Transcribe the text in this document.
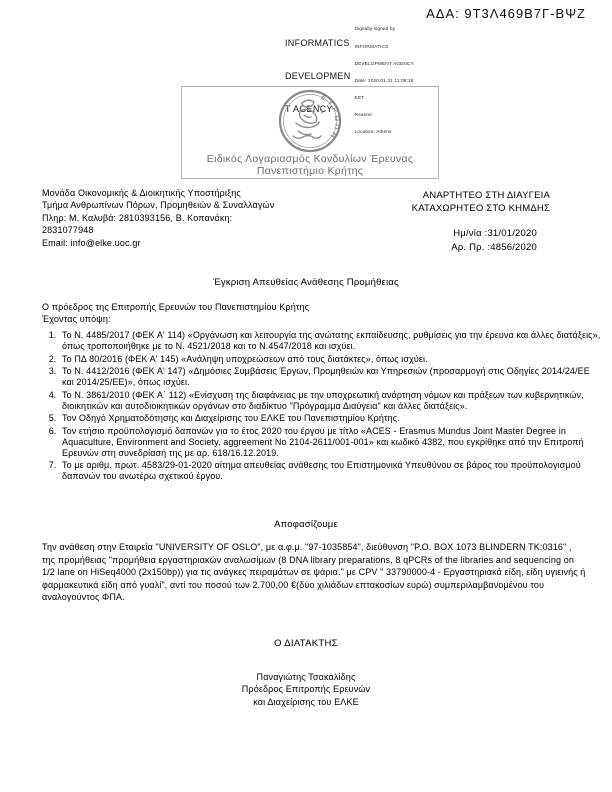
ΑΔΑ: 9Τ3Λ469Β7Γ-ΒΨΖ

INFORMATICS

DEVELOPMEN

T AGENCY

Digitally signed by

INFORMATICS

DEVELOPMENT AGENCY

Date: 2020.01.31 11:08:18

EET

Reason:

Location: Athens

ΕΥΡΩΠΗ
Ειδικός Λογαριασμός Κονδυλίων Έρευνας
Πανεπιστήμιο Κρήτης
Μονάδα Οικονομικής & Διοικητικής Υποστήριξης
Τμήμα Ανθρωπίνων Πόρων, Προμηθειών & Συναλλαγών
Πληρ: Μ. Καλυβά: 2810393156, Β. Κοπανάκη:
2831077948
Email: info@elke.uoc.gr
ΑΝΑΡΤΗΤΕΟ ΣΤΗ ΔΙΑΥΓΕΙΑ
ΚΑΤΑΧΩΡΗΤΕΟ ΣΤΟ ΚΗΜΔΗΣ
Ημ/νία :31/01/2020
Αρ. Πρ. :4856/2020
Έγκριση Απευθείας Ανάθεσης Προμήθειας
Ο πρόεδρος της Επιτροπής Ερευνών του Πανεπιστημίου Κρήτης
Έχοντας υπόψη:
1. Το Ν. 4485/2017 (ΦΕΚ Α' 114) «Οργάνωση και λειτουργία της ανώτατης εκπαίδευσης, ρυθμίσεις για την έρευνα και άλλες διατάξεις», όπως τροποποιήθηκε με το Ν. 4521/2018 και το Ν.4547/2018 και ισχύει.
2. Το ΠΔ 80/2016 (ΦΕΚ Α' 145) «Ανάληψη υποχρεώσεων από τους διατάκτες», όπως ισχύει.
3. Το Ν. 4412/2016 (ΦΕΚ Α' 147) «Δημόσιες Συμβάσεις Έργων, Προμηθειών και Υπηρεσιών (προσαρμογή στις Οδηγίες 2014/24/ΕΕ και 2014/25/ΕΕ)», όπως ισχύει.
4. Το Ν. 3861/2010 (ΦΕΚ Α΄ 112) «Ενίσχυση της διαφάνειας με την υποχρεωτική ανάρτηση νόμων και πράξεων των κυβερνητικών, διοικητικών και αυτοδιοικητικών οργάνων στο διαδίκτυο "Πρόγραμμα Διαύγεια" και άλλες διατάξεις».
5. Τον Οδηγό Χρηματοδότησης και Διαχείρισης του ΕΛΚΕ του Πανεπιστημίου Κρήτης.
6. Τον ετήσιο προϋπολογισμό δαπανών για το έτος 2020 του έργου με τίτλο «ACES - Erasmus Mundus Joint Master Degree in Aquaculture, Environment and Society, aggreement No 2104-2611/001-001» και κωδικό 4382, που εγκρίθηκε από την Επιτροπή Ερευνών στη συνεδρίασή της με αρ. 618/16.12.2019.
7. Το με αριθμ. πρωτ. 4583/29-01-2020 αίτημα απευθείας ανάθεσης του Επιστημονικά Υπευθύνου σε βάρος του προϋπολογισμού δαπανών του ανωτέρω σχετικού έργου.
Αποφασίζουμε
Την ανάθεση στην Εταιρεία "UNIVERSITY OF OSLO", με α.φ.μ. "97-1035854", διεύθυνση "P.O. BOX 1073 BLINDERN TK:0316" , της προμήθειας "προμήθεια εργαστηριακών αναλωσίμων (8 DNA library preparations, 8 qPCRs of the libraries and sequencing on 1/2 lane on HiSeq4000 (2x150bp)) για τις ανάγκες πειραμάτων σε ψάρια." με CPV " 33790000-4 - Εργαστηριακά είδη, είδη υγιεινής ή φαρμακευτικά είδη από γυαλί", αντί του ποσού των 2.700,00 €(δύο χιλιάδων επτακοσίων ευρώ) συμπεριλαμβανομένου του αναλογούντος ΦΠΑ.
Ο ΔΙΑΤΑΚΤΗΣ
Παναγιώτης Τσακαλίδης
Πρόεδρος Επιτροπής Ερευνών
και Διαχείρισης του ΕΛΚΕ
